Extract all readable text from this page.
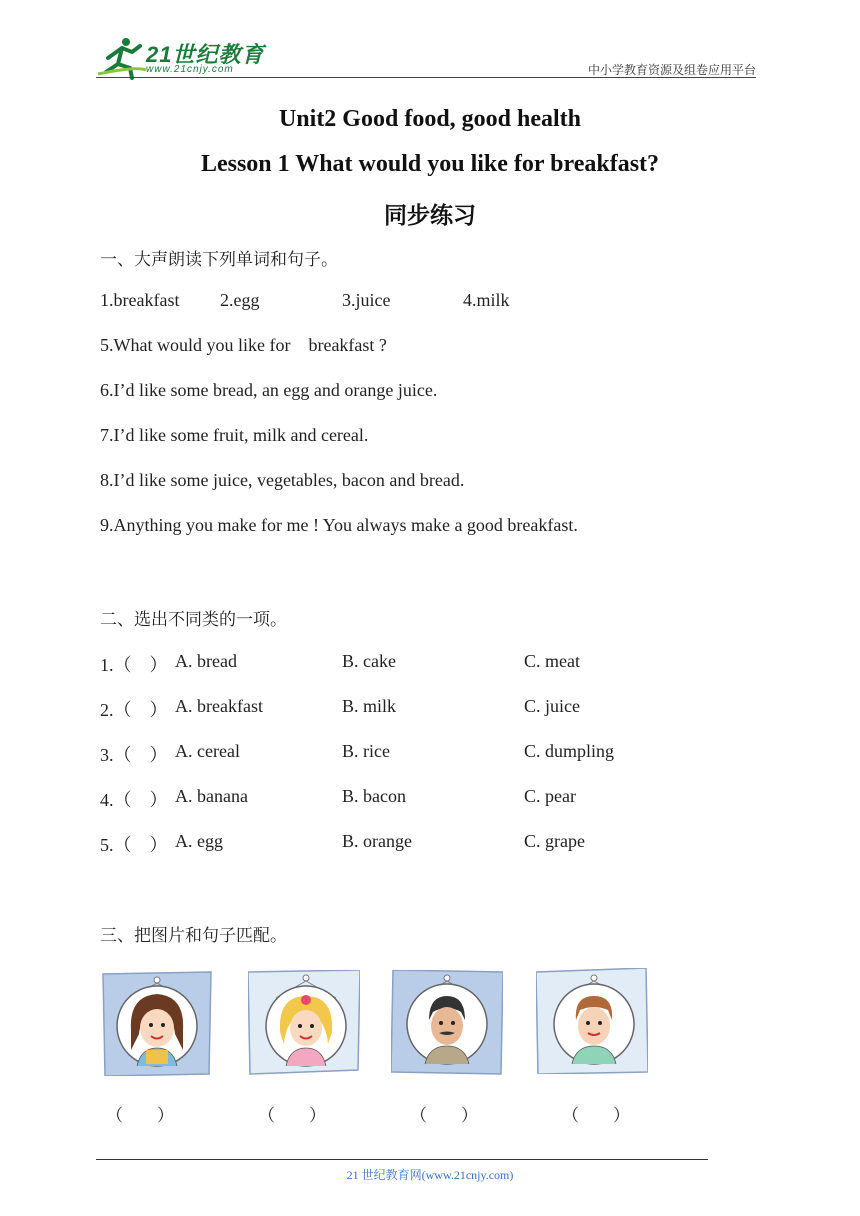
21世纪教育
www.21cnjy.com	中小学教育资源及组卷应用平台
Unit2 Good food, good health
Lesson 1 What would you like for breakfast?
同步练习
一、大声朗读下列单词和句子。
1.breakfast 2.egg	3.juice	4.milk
5.What would you like for    breakfast ?
6.I’d like some bread, an egg and orange juice.
7.I’d like some fruit, milk and cereal.
8.I’d like some juice, vegetables, bacon and bread.
9.Anything you make for me ! You always make a good breakfast.
二、选出不同类的一项。
1.（    ） A. bread	B. cake	C. meat
2.（    ） A. breakfast	B. milk	C. juice
3.（    ） A. cereal	B. rice	C. dumpling
4.（    ） A. banana	B. bacon	C. pear
5.（    ） A. egg	B. orange	C. grape
三、把图片和句子匹配。
（        ）	（        ）	（        ）	（        ）
21 世纪教育网(www.21cnjy.com)
